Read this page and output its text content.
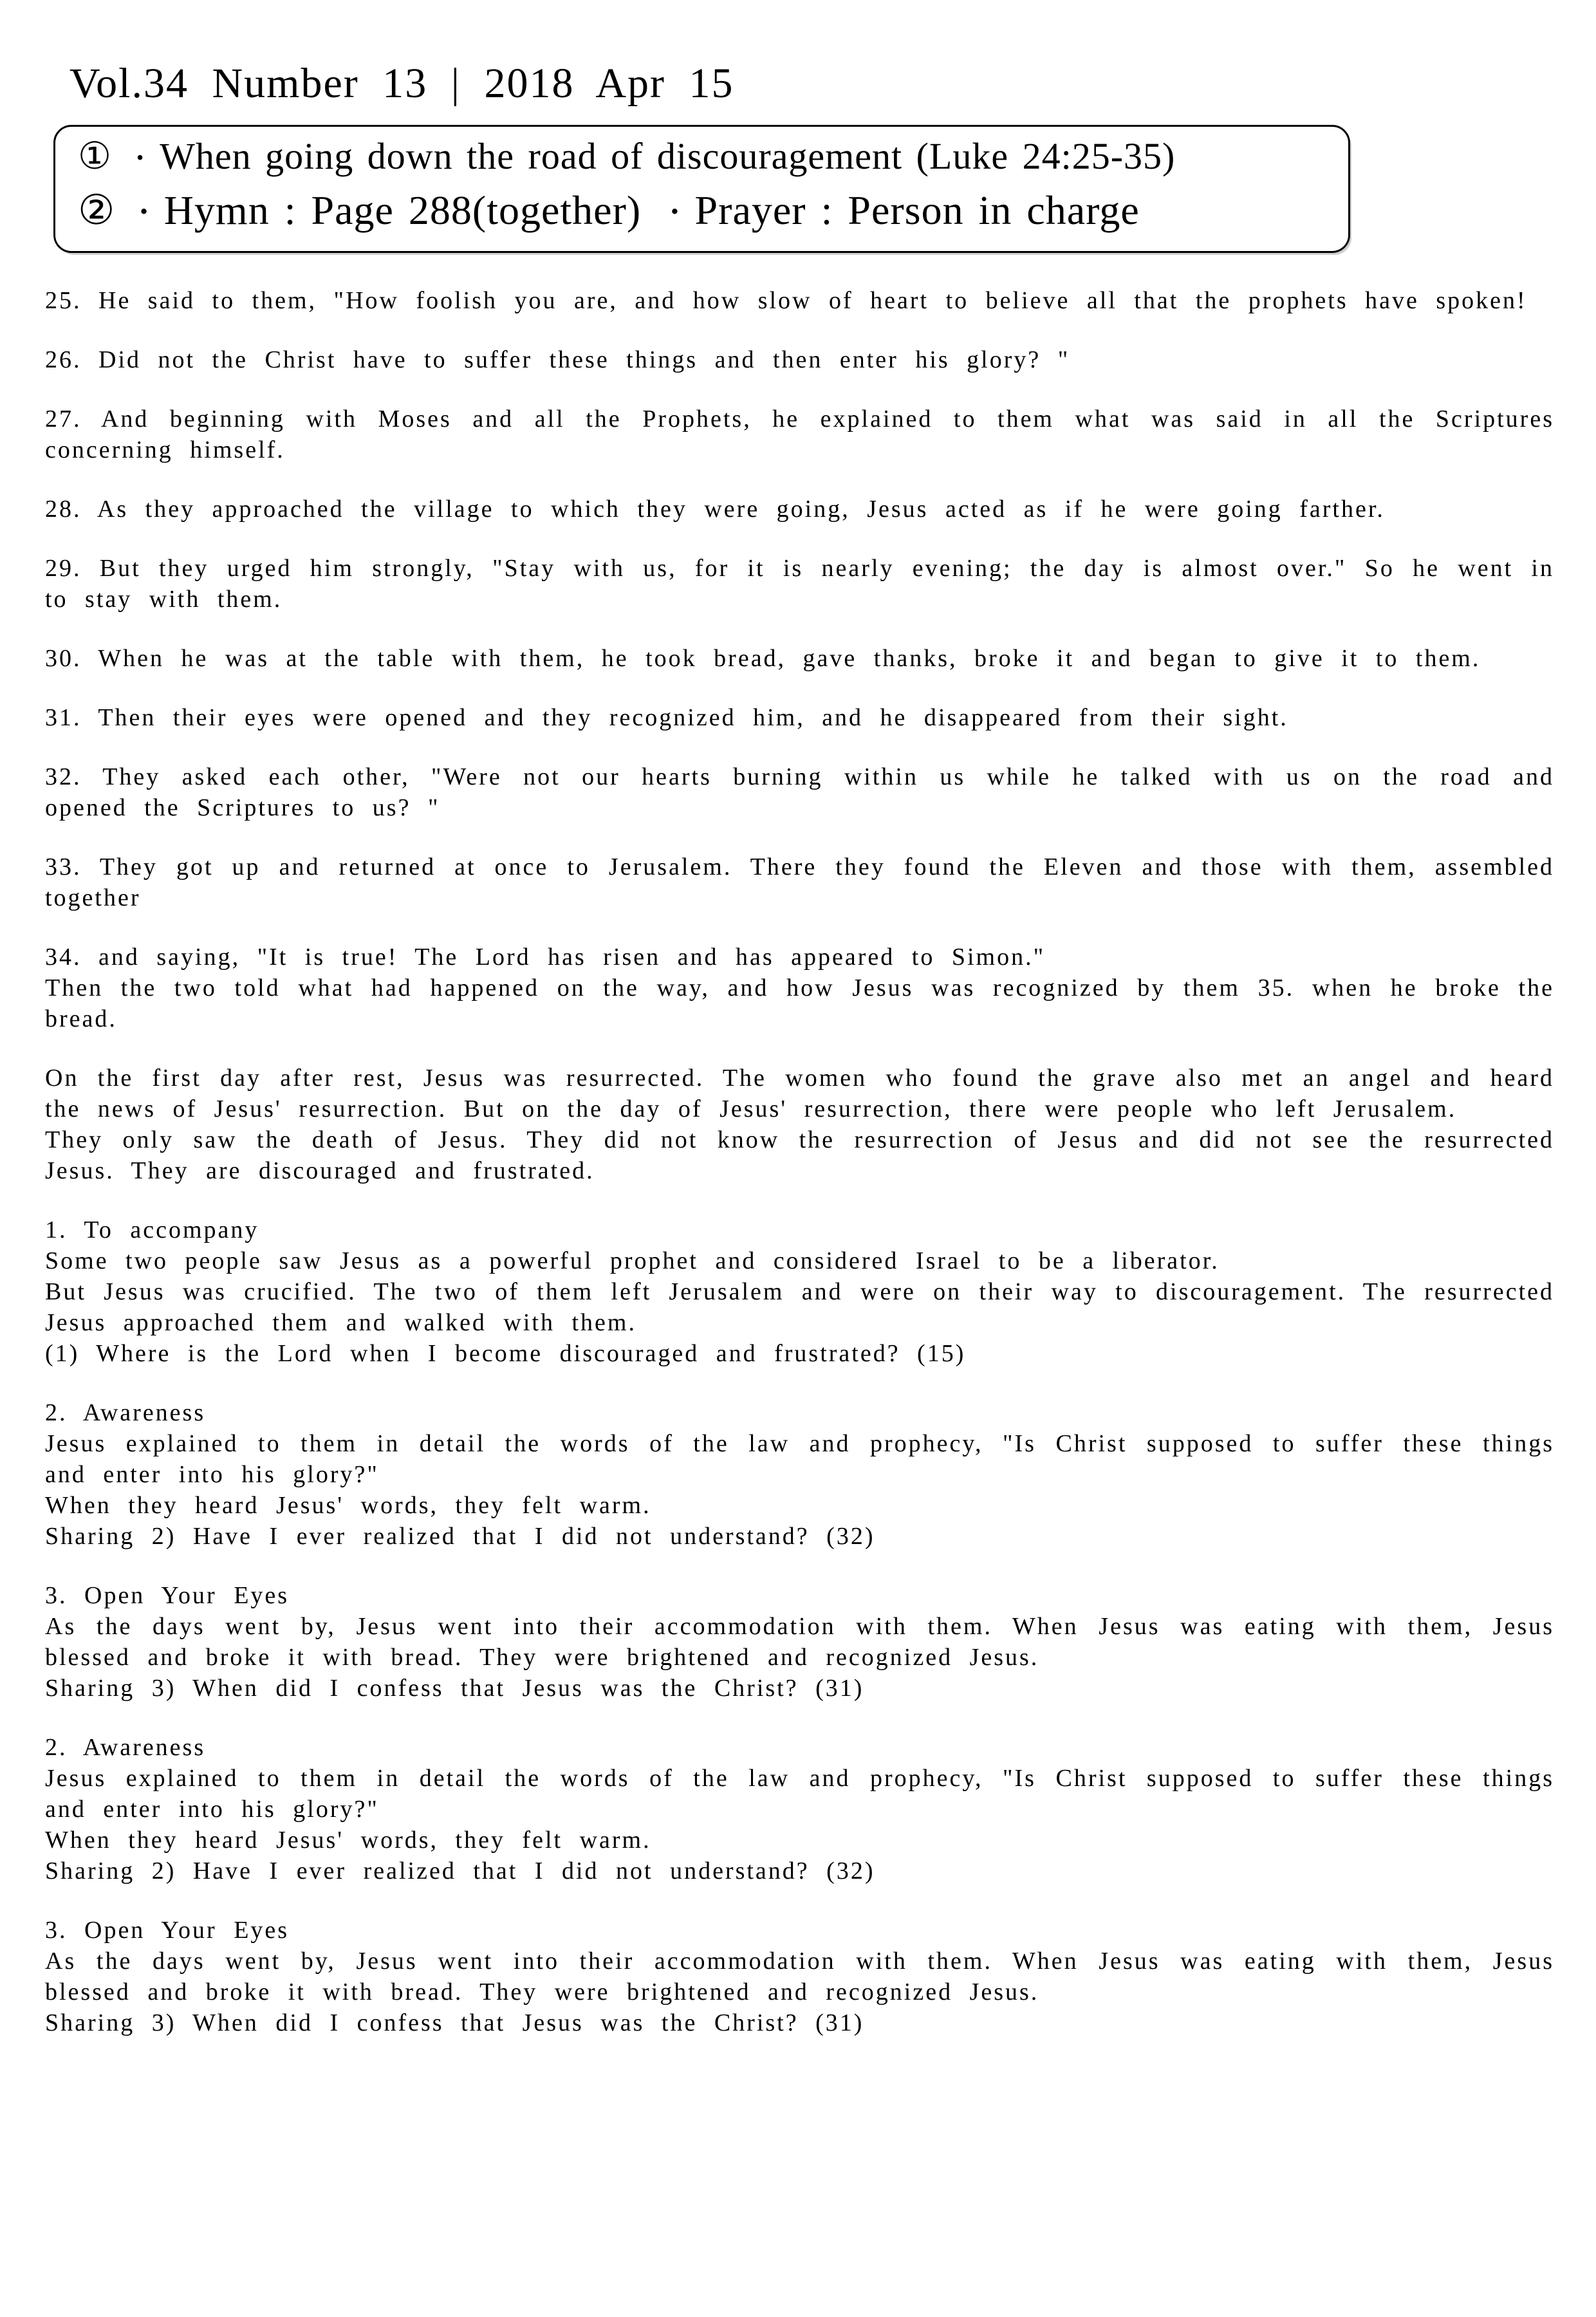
Vol.34 Number 13 | 2018 Apr 15
① • When going down the road of discouragement (Luke 24:25-35)
② • Hymn : Page 288(together) • Prayer : Person in charge
25. He said to them, "How foolish you are, and how slow of heart to believe all that the prophets have spoken!
26. Did not the Christ have to suffer these things and then enter his glory? "
27. And beginning with Moses and all the Prophets, he explained to them what was said in all the Scriptures concerning himself.
28. As they approached the village to which they were going, Jesus acted as if he were going farther.
29. But they urged him strongly, "Stay with us, for it is nearly evening; the day is almost over." So he went in to stay with them.
30. When he was at the table with them, he took bread, gave thanks, broke it and began to give it to them.
31. Then their eyes were opened and they recognized him, and he disappeared from their sight.
32. They asked each other, "Were not our hearts burning within us while he talked with us on the road and opened the Scriptures to us? "
33. They got up and returned at once to Jerusalem. There they found the Eleven and those with them, assembled together
34. and saying, "It is true! The Lord has risen and has appeared to Simon."
Then the two told what had happened on the way, and how Jesus was recognized by them 35. when he broke the bread.
On the first day after rest, Jesus was resurrected. The women who found the grave also met an angel and heard the news of Jesus' resurrection. But on the day of Jesus' resurrection, there were people who left Jerusalem.
They only saw the death of Jesus. They did not know the resurrection of Jesus and did not see the resurrected Jesus. They are discouraged and frustrated.
1. To accompany
Some two people saw Jesus as a powerful prophet and considered Israel to be a liberator.
But Jesus was crucified. The two of them left Jerusalem and were on their way to discouragement. The resurrected Jesus approached them and walked with them.
(1) Where is the Lord when I become discouraged and frustrated? (15)
2. Awareness
Jesus explained to them in detail the words of the law and prophecy, "Is Christ supposed to suffer these things and enter into his glory?"
When they heard Jesus' words, they felt warm.
Sharing 2) Have I ever realized that I did not understand? (32)
3. Open Your Eyes
As the days went by, Jesus went into their accommodation with them. When Jesus was eating with them, Jesus blessed and broke it with bread. They were brightened and recognized Jesus.
Sharing 3) When did I confess that Jesus was the Christ? (31)
2. Awareness
Jesus explained to them in detail the words of the law and prophecy, "Is Christ supposed to suffer these things and enter into his glory?"
When they heard Jesus' words, they felt warm.
Sharing 2) Have I ever realized that I did not understand? (32)
3. Open Your Eyes
As the days went by, Jesus went into their accommodation with them. When Jesus was eating with them, Jesus blessed and broke it with bread. They were brightened and recognized Jesus.
Sharing 3) When did I confess that Jesus was the Christ? (31)
